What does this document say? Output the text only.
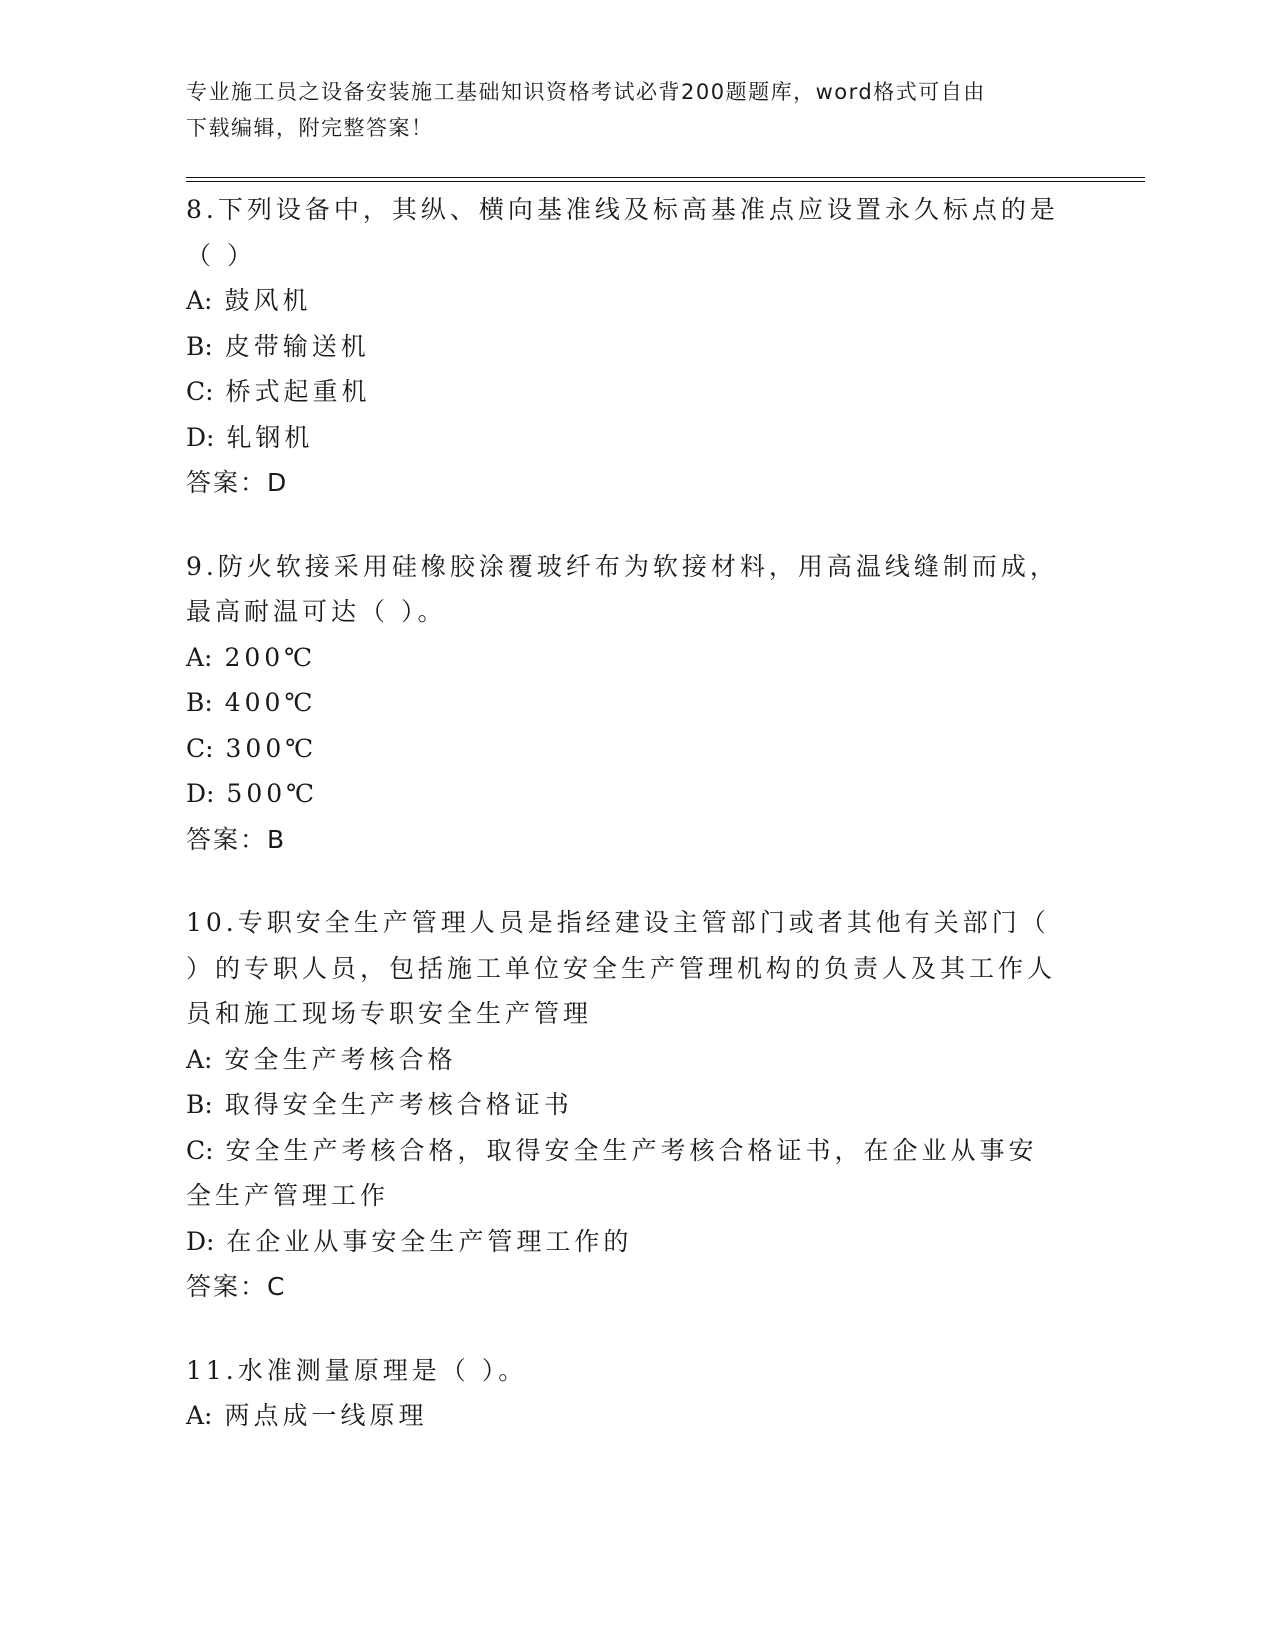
专业施工员之设备安装施工基础知识资格考试必背200题题库，word格式可自由
下载编辑，附完整答案！
8.下列设备中，其纵、横向基准线及标高基准点应设置永久标点的是（ ）
A: 鼓风机
B: 皮带输送机
C: 桥式起重机
D: 轧钢机
答案：D
9.防火软接采用硅橡胶涂覆玻纤布为软接材料，用高温线缝制而成，最高耐温可达（ ）。
A: 200℃
B: 400℃
C: 300℃
D: 500℃
答案：B
10.专职安全生产管理人员是指经建设主管部门或者其他有关部门（ ）的专职人员，包括施工单位安全生产管理机构的负责人及其工作人员和施工现场专职安全生产管理
A: 安全生产考核合格
B: 取得安全生产考核合格证书
C: 安全生产考核合格，取得安全生产考核合格证书，在企业从事安全生产管理工作
D: 在企业从事安全生产管理工作的
答案：C
11.水准测量原理是（ ）。
A: 两点成一线原理
